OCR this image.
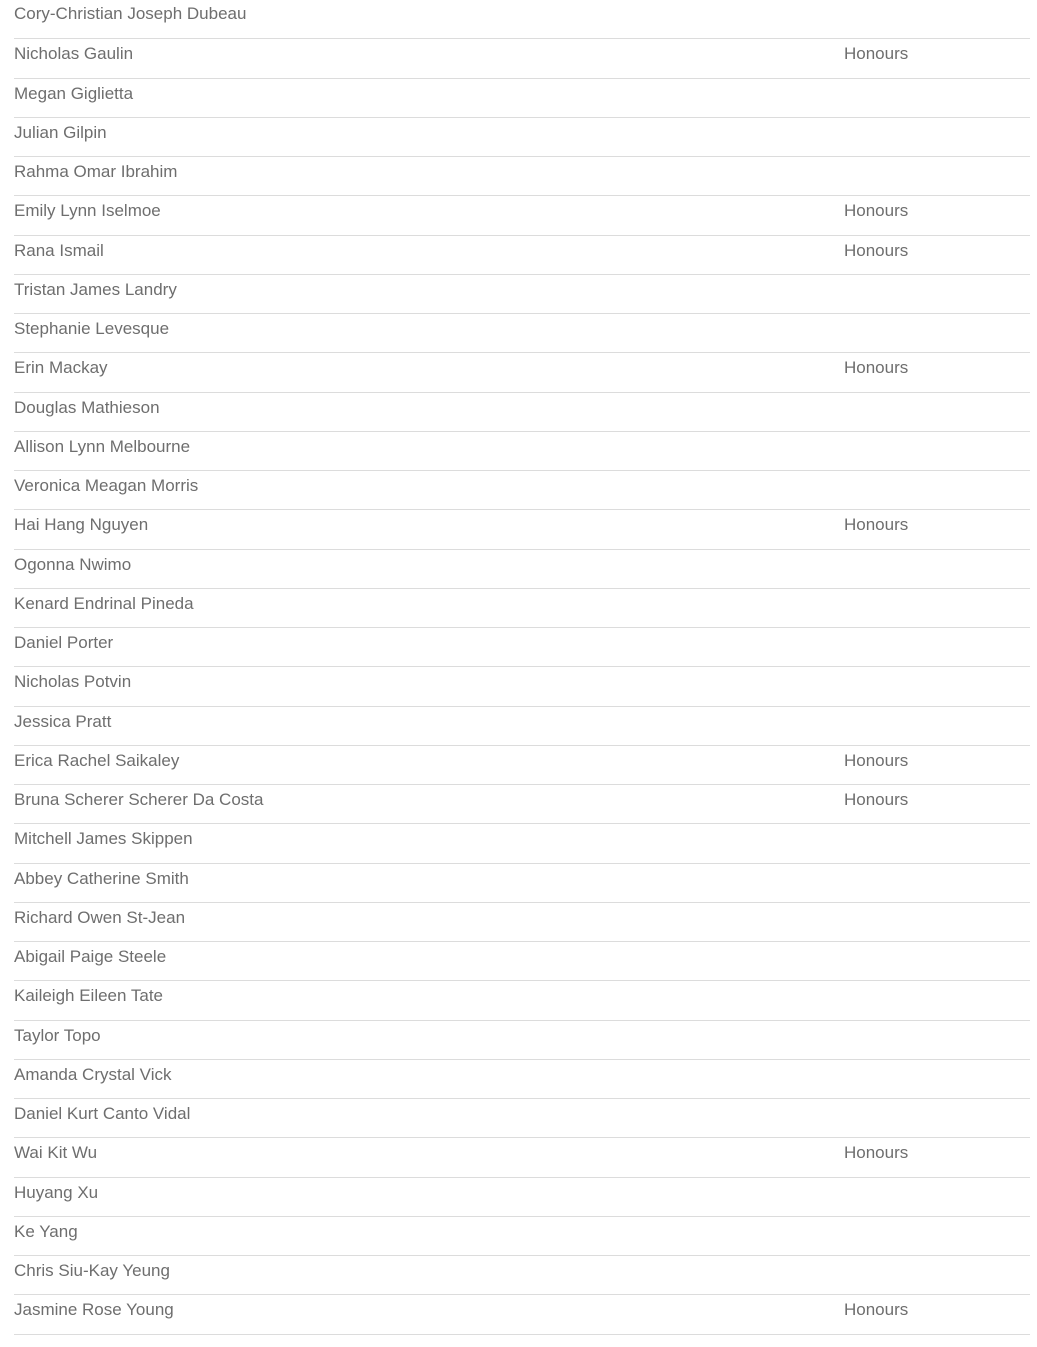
Cory-Christian Joseph Dubeau
Nicholas Gaulin	Honours
Megan Giglietta
Julian Gilpin
Rahma Omar Ibrahim
Emily Lynn Iselmoe	Honours
Rana Ismail	Honours
Tristan James Landry
Stephanie Levesque
Erin Mackay	Honours
Douglas Mathieson
Allison Lynn Melbourne
Veronica Meagan Morris
Hai Hang Nguyen	Honours
Ogonna Nwimo
Kenard Endrinal Pineda
Daniel Porter
Nicholas Potvin
Jessica Pratt
Erica Rachel Saikaley	Honours
Bruna Scherer Scherer Da Costa	Honours
Mitchell James Skippen
Abbey Catherine Smith
Richard Owen St-Jean
Abigail Paige Steele
Kaileigh Eileen Tate
Taylor Topo
Amanda Crystal Vick
Daniel Kurt Canto Vidal
Wai Kit Wu	Honours
Huyang Xu
Ke Yang
Chris Siu-Kay Yeung
Jasmine Rose Young	Honours
